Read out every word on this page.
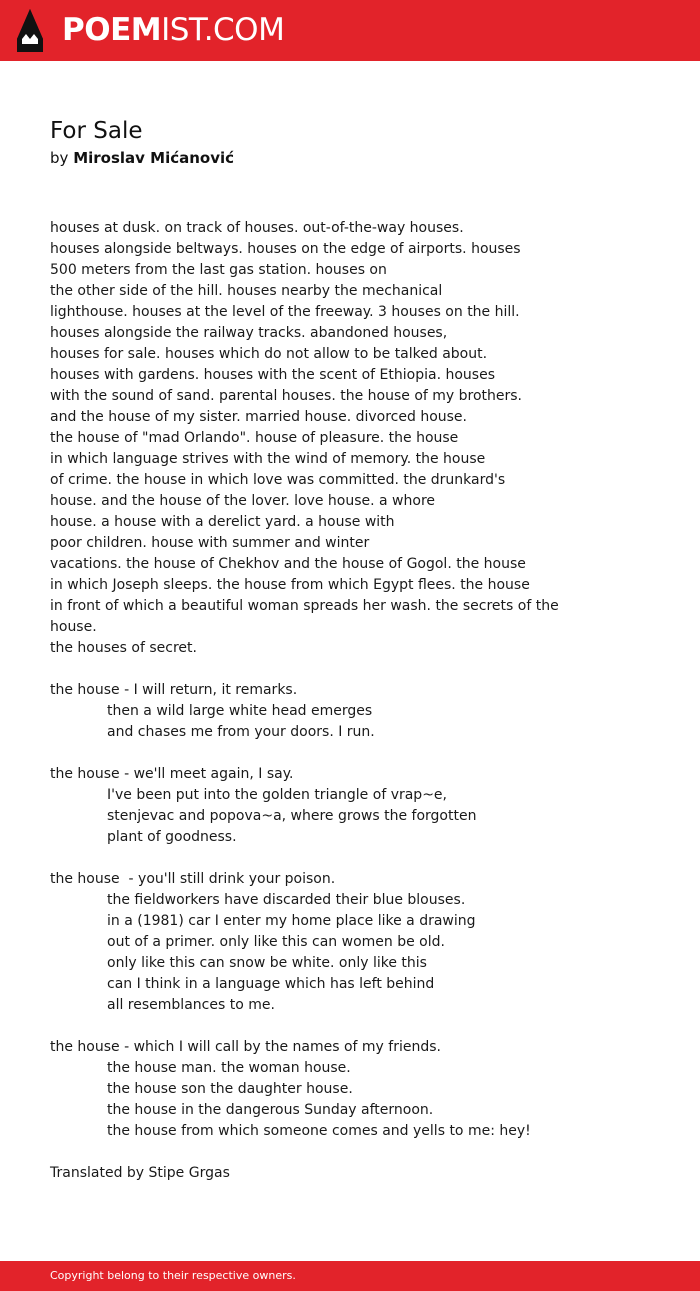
POEMIST.COM
For Sale
by Miroslav Mićanović
houses at dusk. on track of houses. out-of-the-way houses.
houses alongside beltways. houses on the edge of airports. houses
500 meters from the last gas station. houses on
the other side of the hill. houses nearby the mechanical
lighthouse. houses at the level of the freeway. 3 houses on the hill.
houses alongside the railway tracks. abandoned houses,
houses for sale. houses which do not allow to be talked about.
houses with gardens. houses with the scent of Ethiopia. houses
with the sound of sand. parental houses. the house of my brothers.
and the house of my sister. married house. divorced house.
the house of "mad Orlando". house of pleasure. the house
in which language strives with the wind of memory. the house
of crime. the house in which love was committed. the drunkard's
house. and the house of the lover. love house. a whore
house. a house with a derelict yard. a house with
poor children. house with summer and winter
vacations. the house of Chekhov and the house of Gogol. the house
in which Joseph sleeps. the house from which Egypt flees. the house
in front of which a beautiful woman spreads her wash. the secrets of the
house.
the houses of secret.
the house - I will return, it remarks.
then a wild large white head emerges
and chases me from your doors. I run.
the house - we'll meet again, I say.
I've been put into the golden triangle of vrap~e,
stenjevac and popova~a, where grows the forgotten
plant of goodness.
the house  - you'll still drink your poison.
the fieldworkers have discarded their blue blouses.
in a (1981) car I enter my home place like a drawing
out of a primer. only like this can women be old.
only like this can snow be white. only like this
can I think in a language which has left behind
all resemblances to me.
the house - which I will call by the names of my friends.
the house man. the woman house.
the house son the daughter house.
the house in the dangerous Sunday afternoon.
the house from which someone comes and yells to me: hey!
Translated by Stipe Grgas
Copyright belong to their respective owners.
